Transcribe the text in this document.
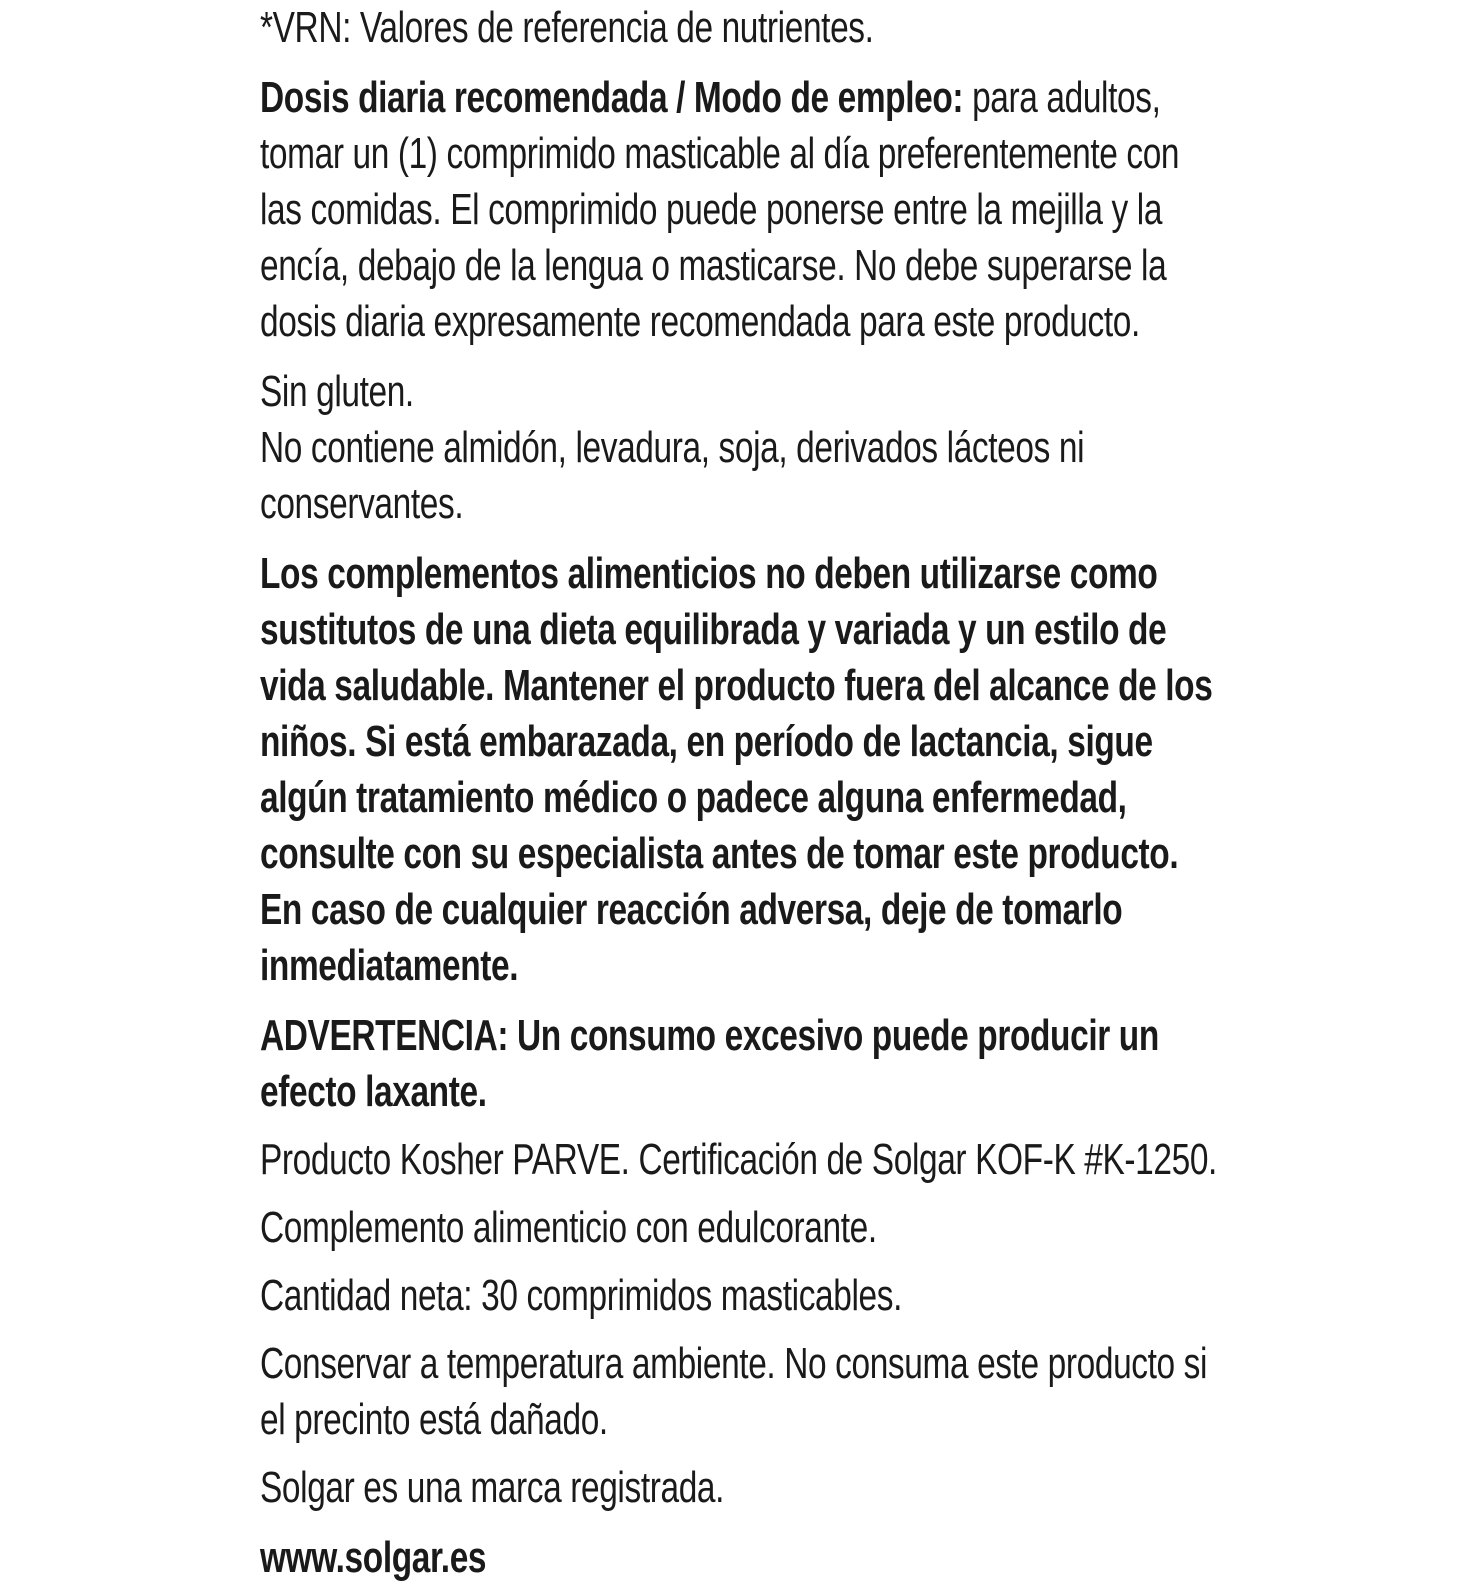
*VRN: Valores de referencia de nutrientes.

Dosis diaria recomendada / Modo de empleo: para adultos, tomar un (1) comprimido masticable al día preferentemente con las comidas. El comprimido puede ponerse entre la mejilla y la encía, debajo de la lengua o masticarse. No debe superarse la dosis diaria expresamente recomendada para este producto.

Sin gluten.

No contiene almidón, levadura, soja, derivados lácteos ni conservantes.

Los complementos alimenticios no deben utilizarse como sustitutos de una dieta equilibrada y variada y un estilo de vida saludable. Mantener el producto fuera del alcance de los niños. Si está embarazada, en período de lactancia, sigue algún tratamiento médico o padece alguna enfermedad, consulte con su especialista antes de tomar este producto. En caso de cualquier reacción adversa, deje de tomarlo inmediatamente.

ADVERTENCIA: Un consumo excesivo puede producir un efecto laxante.

Producto Kosher PARVE. Certificación de Solgar KOF-K #K-1250.

Complemento alimenticio con edulcorante.

Cantidad neta: 30 comprimidos masticables.

Conservar a temperatura ambiente. No consuma este producto si el precinto está dañado.

Solgar es una marca registrada.

www.solgar.es
